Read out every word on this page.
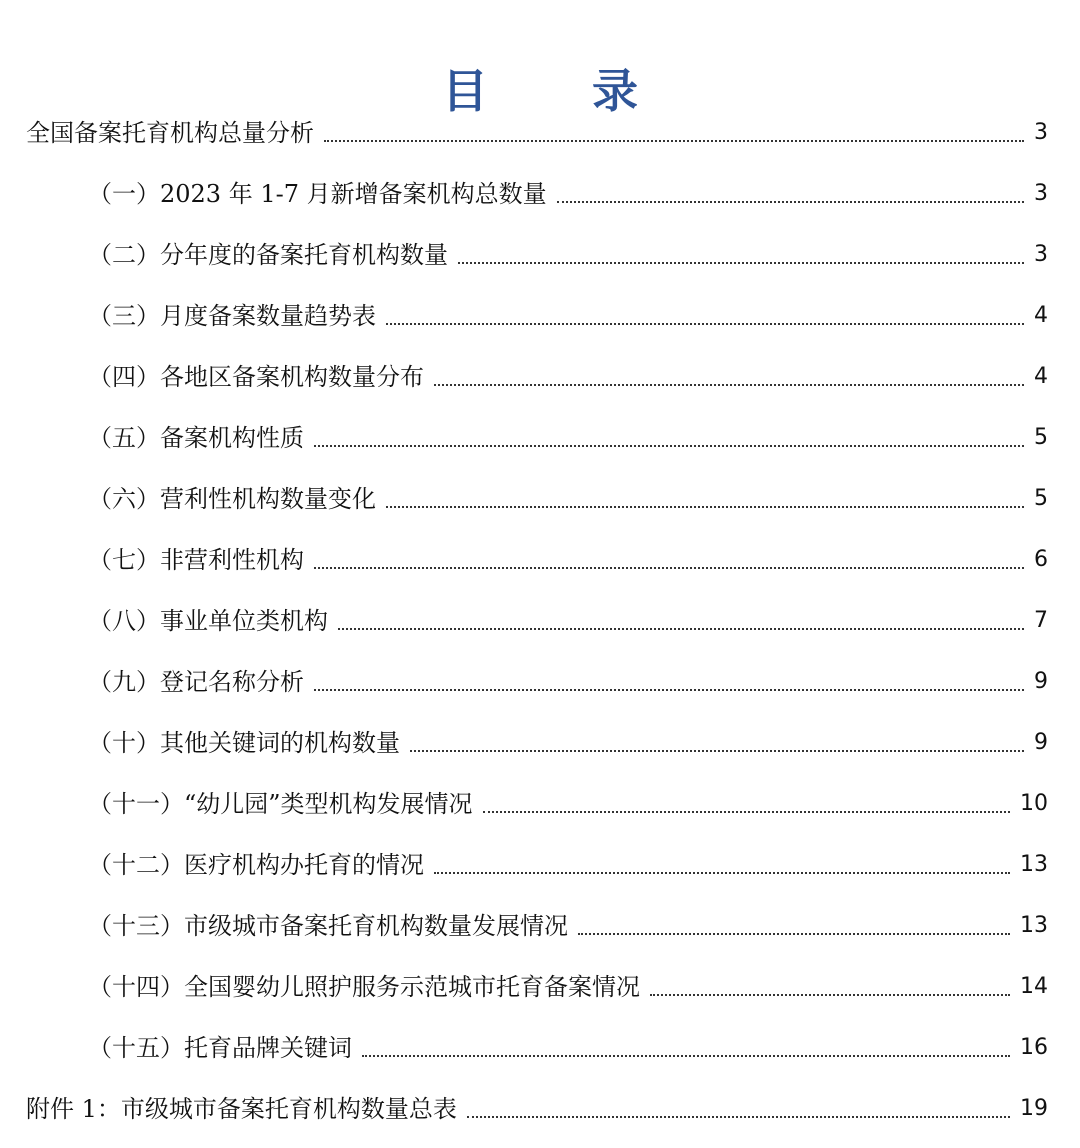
目 录
全国备案托育机构总量分析	3
（一）2023 年 1-7 月新增备案机构总数量	3
（二）分年度的备案托育机构数量	3
（三）月度备案数量趋势表	4
（四）各地区备案机构数量分布	4
（五）备案机构性质	5
（六）营利性机构数量变化	5
（七）非营利性机构	6
（八）事业单位类机构	7
（九）登记名称分析	9
（十）其他关键词的机构数量	9
（十一）“幼儿园”类型机构发展情况	10
（十二）医疗机构办托育的情况	13
（十三）市级城市备案托育机构数量发展情况	13
（十四）全国婴幼儿照护服务示范城市托育备案情况	14
（十五）托育品牌关键词	16
附件 1：市级城市备案托育机构数量总表	19
